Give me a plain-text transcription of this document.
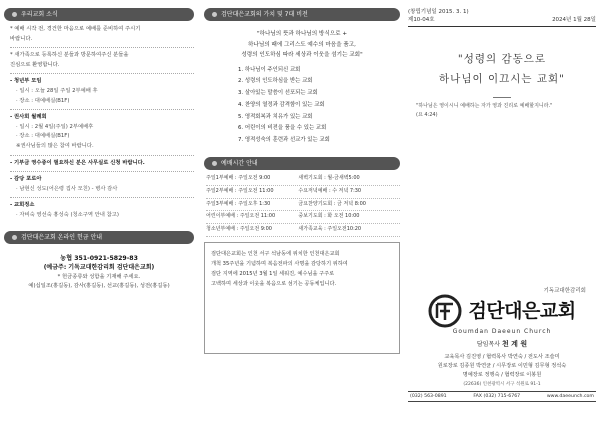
우리교회 소식
* 예배 시작 전, 경건한 마음으로 예배를 준비하여 주시기
바랍니다.
* 새가족으로 등록하신 분들과 방문하여주신 분들을
진심으로 환영합니다.
- 청년부 모임
· 일시 : 오늘 28일 주일 2부예배 후
· 장소 : 대예배실(B1F)
- 권사회 월례회
· 일시 : 2월 4일(주일) 2부예배후
· 장소 : 대예배실(B1F)
※권사님들의 많은 참여 바랍니다.
- 기부금 영수증이 필요하신 분은 사무실로 신청 바랍니다.
- 감당 포로아
· 남현신 성도(어은령 집사 모친) - 병사 감사
- 교회정소
· 자비숙 영선숙 홍성숙 (청소구역 안내 참고)
검단대은교회 온라인 헌금 안내
농협 351-0921-5829-83
(예금주: 기독교대한감리회 검단대은교회)
* 헌금종류와 성함을 기재해 주세요.
예)십일조(홍길동), 감사(홍길동), 선교(홍길동), 성전(홍길동)
검단대은교회의 가치 및 7대 비전
"하나님의 뜻과 하나님의 방식으로 +
하나님의 때에 그리스도 예수의 마음을 품고,
성령의 인도하심 따라 세상과 이웃을 섬기는 교회"
1. 하나님이 주인되신 교회
2. 성령의 인도하심을 받는 교회
3. 살아있는 말씀이 선포되는 교회
4. 찬양의 열정과 감격함이 있는 교회
5. 영적회복과 치유가 있는 교회
6. 어린이의 비전을 품을 수 있는 교회
7. 영적성숙의 훈련과 선교가 있는 교회
예배시간 안내
주일1부예배 : 주일오전 9:00	새벽기도회 : 월-금새벽5:00
주일2부예배 : 주일오전 11:00	수요저녁예배 : 수 저녁 7:30
주일3부예배 : 주일오후 1:30	금요찬양기도회 : 금 저녁 8:00
어린이부예배 : 주일오전 11:00	중보기도회 : 화 오전 10:00
청소년부예배 : 주일오전 9:00	새가족교육 : 주일오전10:20
검단대은교회는 인천 서구 석남동에 위치한 인천대은교회
개척 35주년을 기념하며 복음전파의 사명을 감당하기 위하여
검단 지역에 2015년 3월 1일 세워진, 예수님을 구주로
고백하며 세상과 이웃을 복음으로 섬기는 공동체입니다.
(창립기념일 2015. 3. 1)
제10-04호	2024년 1월 28일
"성령의 감동으로
하나님이 이끄시는 교회"
"하나님은 영이시니 예배하는 자가 영과 진리로 예배할지니라."
(요 4:24)
기독교대한감리회
검단대은교회
Goumdan Daeeun Church
담임목사 천 계 원
교육목사 김진영 / 협력목사 박연숙 / 전도사 조슬미
원로장로 김종원 박연균 / 시무장로 이민형 김무형 정석숙
명예장로 정행숙 / 협력장로 이봉원
(22636) 인천광역시 서구 석원로 91-1
(032) 563-0891	FAX (032) 715-6767	www.daeeunch.com
